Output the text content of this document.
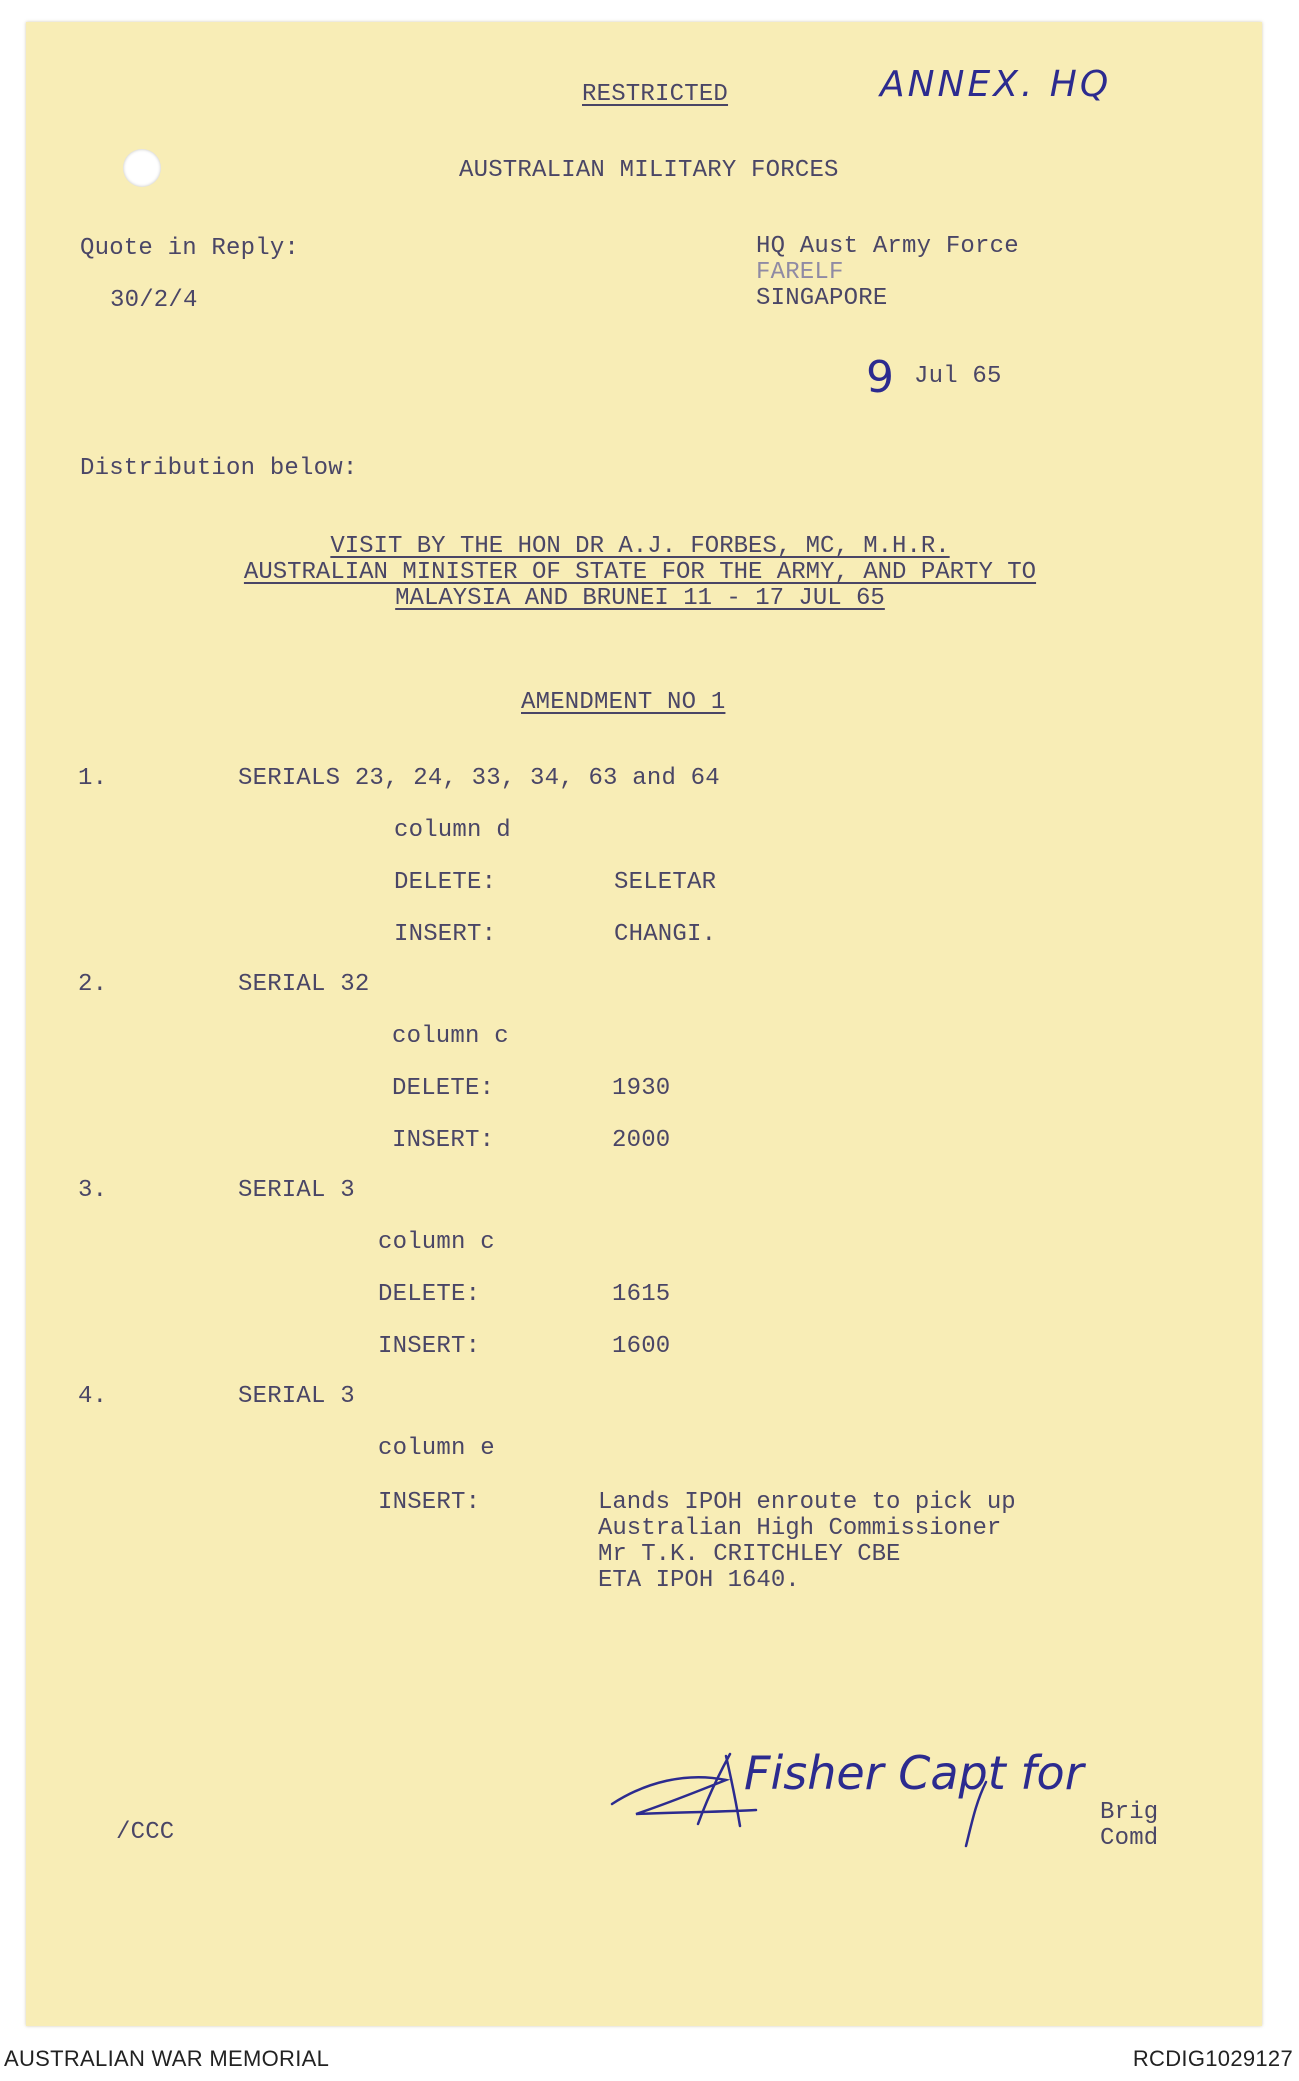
RESTRICTED	ANNEX. HQ
AUSTRALIAN MILITARY FORCES
Quote in Reply:
30/2/4
HQ Aust Army Force
FARELF
SINGAPORE
9 Jul 65
Distribution below:
VISIT BY THE HON DR A.J. FORBES, MC, M.H.R.
AUSTRALIAN MINISTER OF STATE FOR THE ARMY, AND PARTY TO
MALAYSIA AND BRUNEI 11 - 17 JUL 65
AMENDMENT NO 1
1.	SERIALS 23, 24, 33, 34, 63 and 64
column d
DELETE:	SELETAR
INSERT:	CHANGI.
2.	SERIAL 32
column c
DELETE:	1930
INSERT:	2000
3.	SERIAL 3
column c
DELETE:	1615
INSERT:	1600
4.	SERIAL 3
column e
INSERT:	Lands IPOH enroute to pick up
Australian High Commissioner
Mr T.K. CRITCHLEY CBE
ETA IPOH 1640.
Fisher Capt for
Brig
Comd
/CCC
AUSTRALIAN WAR MEMORIAL	RCDIG1029127
